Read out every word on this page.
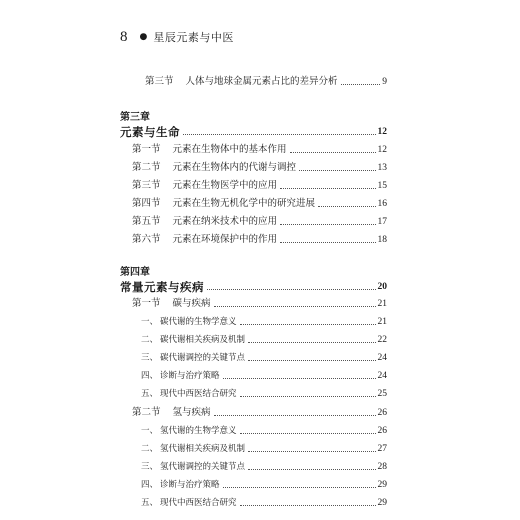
8 ● 星辰元素与中医
第三节 人体与地球金属元素占比的差异分析	9
第三章
元素与生命	12
第一节 元素在生物体中的基本作用	12
第二节 元素在生物体内的代谢与调控	13
第三节 元素在生物医学中的应用	15
第四节 元素在生物无机化学中的研究进展	16
第五节 元素在纳米技术中的应用	17
第六节 元素在环境保护中的作用	18
第四章
常量元素与疾病	20
第一节 碳与疾病	21
一、 碳代谢的生物学意义	21
二、 碳代谢相关疾病及机制	22
三、 碳代谢调控的关键节点	24
四、 诊断与治疗策略	24
五、 现代中西医结合研究	25
第二节 氢与疾病	26
一、 氢代谢的生物学意义	26
二、 氢代谢相关疾病及机制	27
三、 氢代谢调控的关键节点	28
四、 诊断与治疗策略	29
五、 现代中西医结合研究	29
